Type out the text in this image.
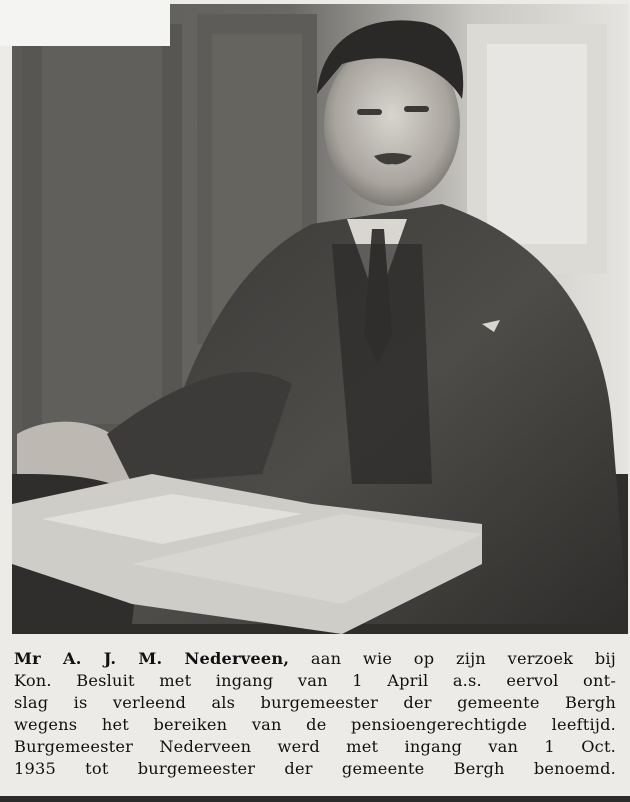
Mr A. J. M. Nederveen, aan wie op zijn verzoek bij
Kon. Besluit met ingang van 1 April a.s. eervol ont-
slag is verleend als burgemeester der gemeente Bergh
wegens het bereiken van de pensioengerechtigde leeftijd.
Burgemeester Nederveen werd met ingang van 1 Oct.
1935 tot burgemeester der gemeente Bergh benoemd.
